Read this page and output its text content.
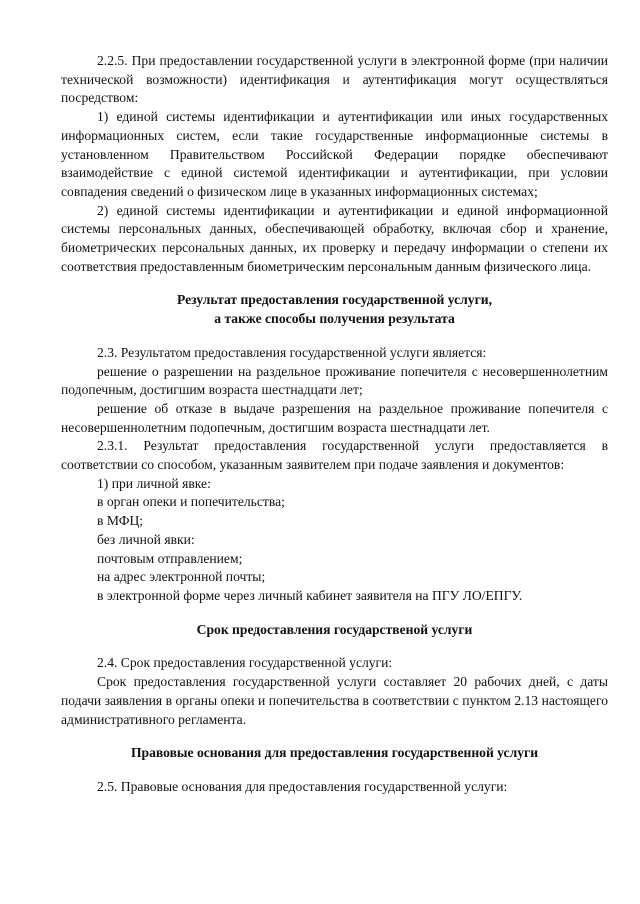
2.2.5. При предоставлении государственной услуги в электронной форме (при наличии технической возможности) идентификация и аутентификация могут осуществляться посредством:

1) единой системы идентификации и аутентификации или иных государственных информационных систем, если такие государственные информационные системы в установленном Правительством Российской Федерации порядке обеспечивают взаимодействие с единой системой идентификации и аутентификации, при условии совпадения сведений о физическом лице в указанных информационных системах;

2) единой системы идентификации и аутентификации и единой информационной системы персональных данных, обеспечивающей обработку, включая сбор и хранение, биометрических персональных данных, их проверку и передачу информации о степени их соответствия предоставленным биометрическим персональным данным физического лица.

Результат предоставления государственной услуги,
а также способы получения результата

2.3. Результатом предоставления государственной услуги является:

решение о разрешении на раздельное проживание попечителя с несовершеннолетним подопечным, достигшим возраста шестнадцати лет;

решение об отказе в выдаче разрешения на раздельное проживание попечителя с несовершеннолетним подопечным, достигшим возраста шестнадцати лет.

2.3.1. Результат предоставления государственной услуги предоставляется в соответствии со способом, указанным заявителем при подаче заявления и документов:

1) при личной явке:

в орган опеки и попечительства;

в МФЦ;

без личной явки:

почтовым отправлением;

на адрес электронной почты;

в электронной форме через личный кабинет заявителя на ПГУ ЛО/ЕПГУ.

Срок предоставления государственой услуги

2.4. Срок предоставления государственной услуги:

Срок предоставления государственной услуги составляет 20 рабочих дней, с даты подачи заявления в органы опеки и попечительства в соответствии с пунктом 2.13 настоящего административного регламента.

Правовые основания для предоставления государственной услуги

2.5. Правовые основания для предоставления государственной услуги:
